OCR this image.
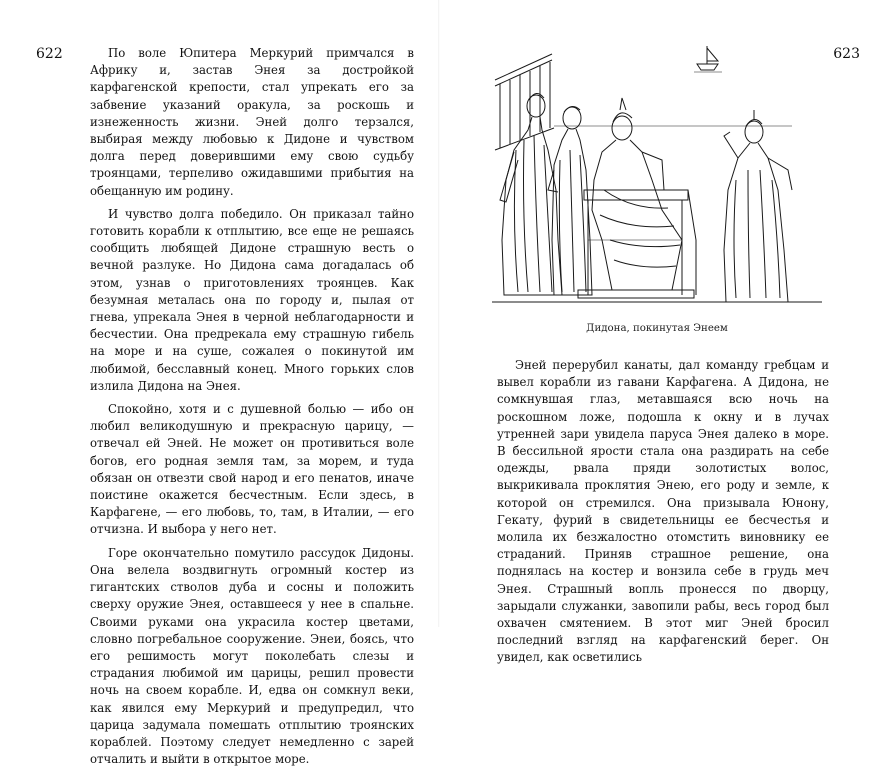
622	По воле Юпитера Меркурий примчался в Африку и, застав Энея за достройкой карфагенской крепости, стал упрекать его за забвение указаний оракула, за роскошь и изнеженность жизни. Эней долго терзался, выбирая между любовью к Дидоне и чувством долга перед доверившими ему свою судьбу троянцами, терпеливо ожидавшими прибытия на обещанную им родину.

И чувство долга победило. Он приказал тайно готовить корабли к отплытию, все еще не решаясь сообщить любящей Дидоне страшную весть о вечной разлуке. Но Дидона сама догадалась об этом, узнав о приготовлениях троянцев. Как безумная металась она по городу и, пылая от гнева, упрекала Энея в черной неблагодарности и бесчестии. Она предрекала ему страшную гибель на море и на суше, сожалея о покинутой им любимой, бесславный конец. Много горьких слов излила Дидона на Энея.

Спокойно, хотя и с душевной болью — ибо он любил великодушную и прекрасную царицу, — отвечал ей Эней. Не может он противиться воле богов, его родная земля там, за морем, и туда обязан он отвезти свой народ и его пенатов, иначе поистине окажется бесчестным. Если здесь, в Карфагене, — его любовь, то, там, в Италии, — его отчизна. И выбора у него нет.

Горе окончательно помутило рассудок Дидоны. Она велела воздвигнуть огромный костер из гигантских стволов дуба и сосны и положить сверху оружие Энея, оставшееся у нее в спальне. Своими руками она украсила костер цветами, словно погребальное сооружение. Энеи, боясь, что его решимость могут поколебать слезы и страдания любимой им царицы, решил провести ночь на своем корабле. И, едва он сомкнул веки, как явился ему Меркурий и предупредил, что царица задумала помешать отплытию троянских кораблей. Поэтому следует немедленно с зарей отчалить и выйти в открытое море.

623
Дидона, покинутая Энеем

Эней перерубил канаты, дал команду гребцам и вывел корабли из гавани Карфагена. А Дидона, не сомкнувшая глаз, метавшаяся всю ночь на роскошном ложе, подошла к окну и в лучах утренней зари увидела паруса Энея далеко в море. В бессильной ярости стала она раздирать на себе одежды, рвала пряди золотистых волос, выкрикивала проклятия Энею, его роду и земле, к которой он стремился. Она призывала Юнону, Гекату, фурий в свидетельницы ее бесчестья и молила их безжалостно отомстить виновнику ее страданий. Приняв страшное решение, она поднялась на костер и вонзила себе в грудь меч Энея. Страшный вопль пронесся по дворцу, зарыдали служанки, завопили рабы, весь город был охвачен смятением. В этот миг Эней бросил последний взгляд на карфагенский берег. Он увидел, как осветились
